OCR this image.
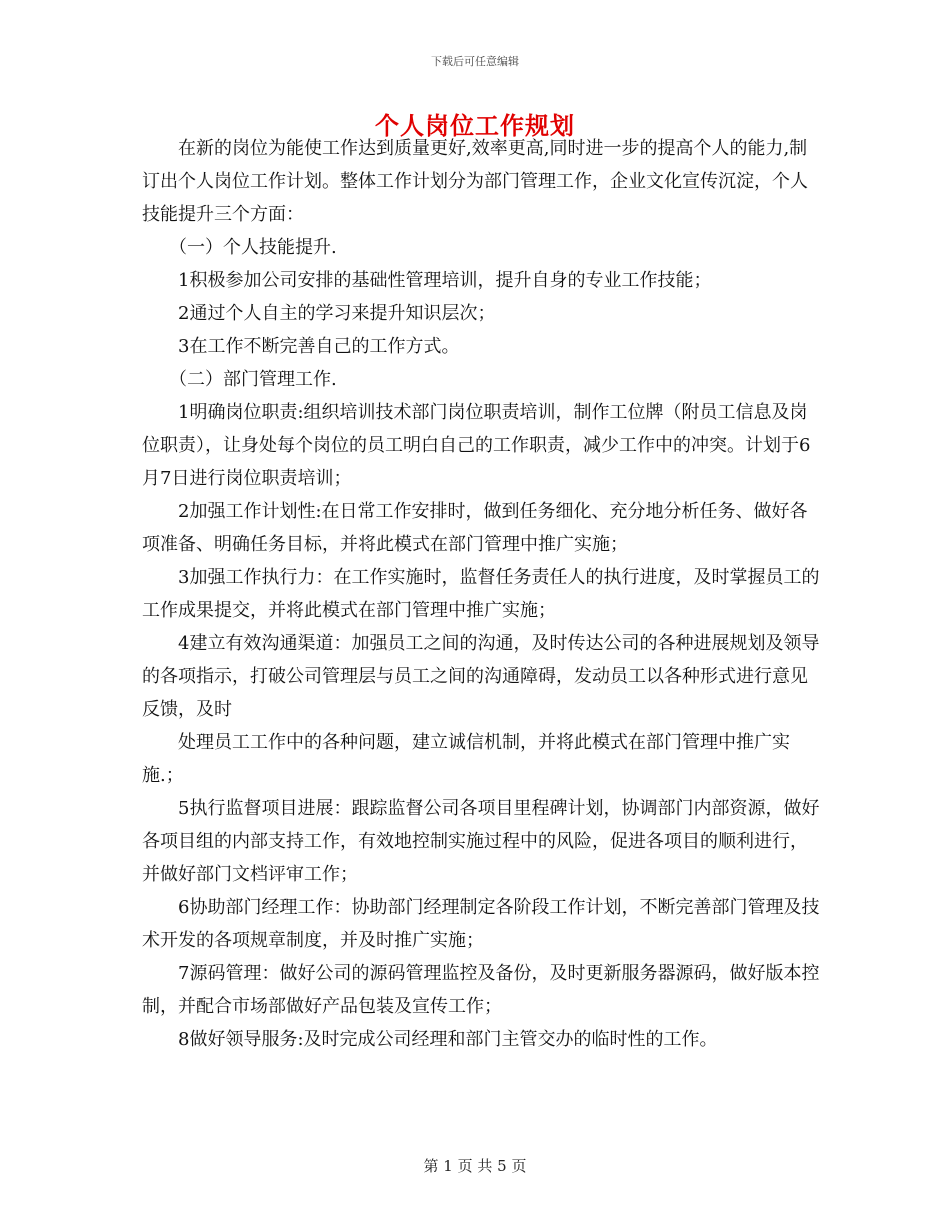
下载后可任意编辑
个人岗位工作规划

在新的岗位为能使工作达到质量更好,效率更高,同时进一步的提高个人的能力,制订出个人岗位工作计划。整体工作计划分为部门管理工作，企业文化宣传沉淀，个人技能提升三个方面：

（一）个人技能提升.

1积极参加公司安排的基础性管理培训，提升自身的专业工作技能；

2通过个人自主的学习来提升知识层次；

3在工作不断完善自己的工作方式。

（二）部门管理工作.

1明确岗位职责:组织培训技术部门岗位职责培训，制作工位牌（附员工信息及岗位职责），让身处每个岗位的员工明白自己的工作职责，减少工作中的冲突。计划于6月7日进行岗位职责培训；

2加强工作计划性:在日常工作安排时，做到任务细化、充分地分析任务、做好各项准备、明确任务目标，并将此模式在部门管理中推广实施；

3加强工作执行力：在工作实施时，监督任务责任人的执行进度，及时掌握员工的工作成果提交，并将此模式在部门管理中推广实施；

4建立有效沟通渠道：加强员工之间的沟通，及时传达公司的各种进展规划及领导的各项指示，打破公司管理层与员工之间的沟通障碍，发动员工以各种形式进行意见反馈，及时

处理员工工作中的各种问题，建立诚信机制，并将此模式在部门管理中推广实施.；

5执行监督项目进展：跟踪监督公司各项目里程碑计划，协调部门内部资源，做好各项目组的内部支持工作，有效地控制实施过程中的风险，促进各项目的顺利进行，并做好部门文档评审工作；

6协助部门经理工作：协助部门经理制定各阶段工作计划，不断完善部门管理及技术开发的各项规章制度，并及时推广实施；

7源码管理：做好公司的源码管理监控及备份，及时更新服务器源码，做好版本控制，并配合市场部做好产品包装及宣传工作；

8做好领导服务:及时完成公司经理和部门主管交办的临时性的工作。

第 1 页 共 5 页
